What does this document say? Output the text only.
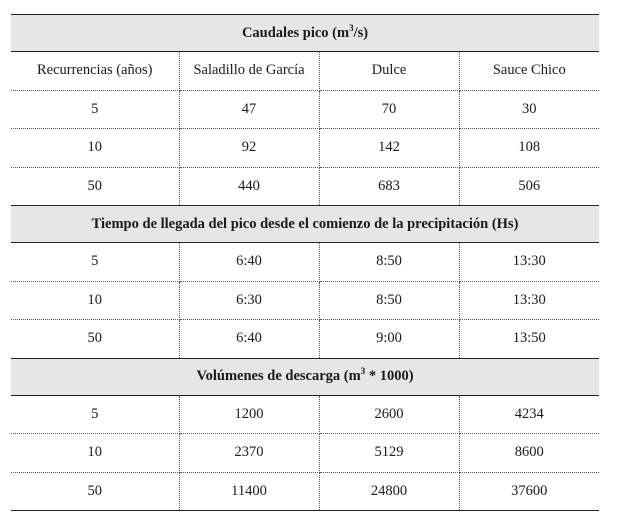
Caudales pico $(m^3/s)$			
Recurrencias (años)	Saladillo de García	Dulce	Sauce Chico
5	47	70	30
10	92	142	108
50	440	683	506
Tiempo de llegada del pico desde el comienzo de la precipitación (Hs)			
5	6:40	8:50	13:30
10	6:30	8:50	13:30
50	6:40	9:00	13:50
Volúmenes de descarga $(m^3 * 1000)$			
5	1200	2600	4234
10	2370	5129	8600
50	11400	24800	37600
